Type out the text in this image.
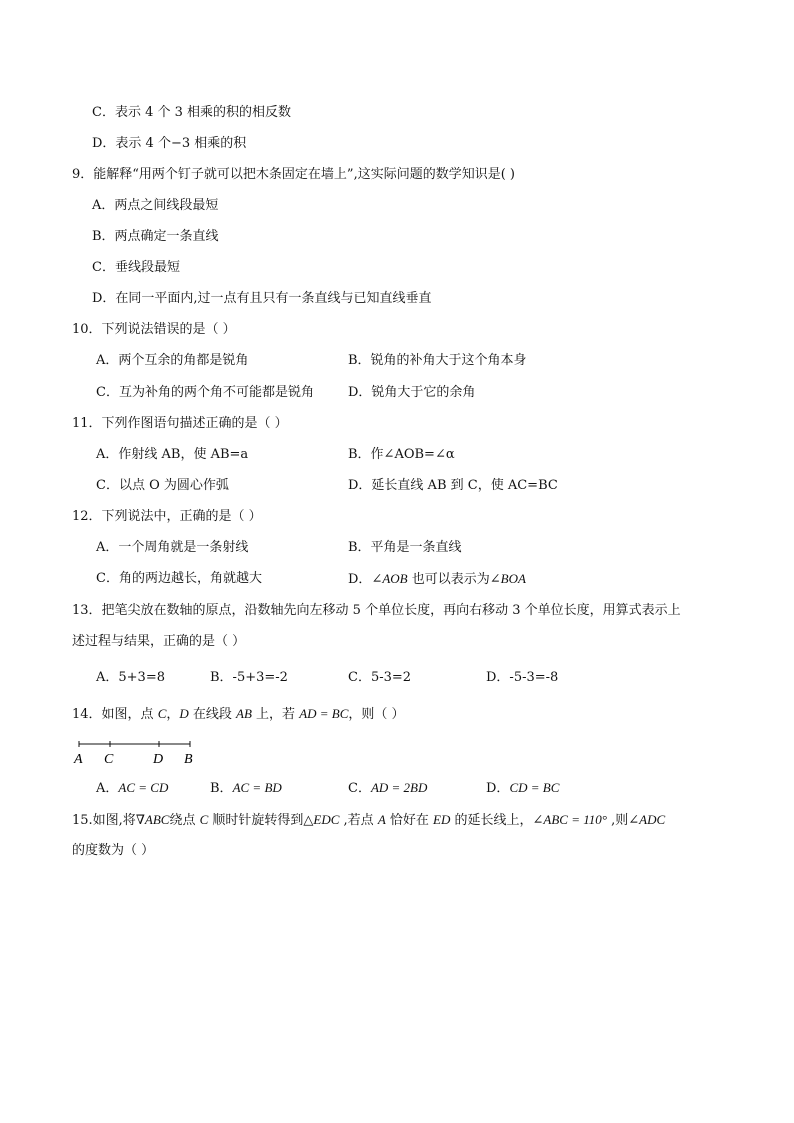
C．表示 4 个 3 相乘的积的相反数
D．表示 4 个−3 相乘的积
9．能解释“用两个钉子就可以把木条固定在墙上”,这实际问题的数学知识是( )
A．两点之间线段最短
B．两点确定一条直线
C．垂线段最短
D．在同一平面内,过一点有且只有一条直线与已知直线垂直
10．下列说法错误的是（ ）
A．两个互余的角都是锐角	B．锐角的补角大于这个角本身
C．互为补角的两个角不可能都是锐角	D．锐角大于它的余角
11．下列作图语句描述正确的是（ ）
A．作射线 AB，使 AB=a	B．作∠AOB=∠α
C．以点 O 为圆心作弧	D．延长直线 AB 到 C，使 AC=BC
12．下列说法中，正确的是（ ）
A．一个周角就是一条射线	B．平角是一条直线
C．角的两边越长，角就越大	D．∠AOB 也可以表示为∠BOA
13．把笔尖放在数轴的原点，沿数轴先向左移动 5 个单位长度，再向右移动 3 个单位长度，用算式表示上
述过程与结果，正确的是（ ）
A．5+3=8	B．-5+3=-2	C．5-3=2	D．-5-3=-8
14．如图，点 C，D 在线段 AB 上，若 AD = BC，则（ ）
A C	D B
A．AC = CD	B．AC = BD	C．AD = 2BD	D．CD = BC
15.如图,将∇ABC绕点 C 顺时针旋转得到△EDC ,若点 A 恰好在 ED 的延长线上，∠ABC = 110° ,则∠ADC
的度数为（ ）
